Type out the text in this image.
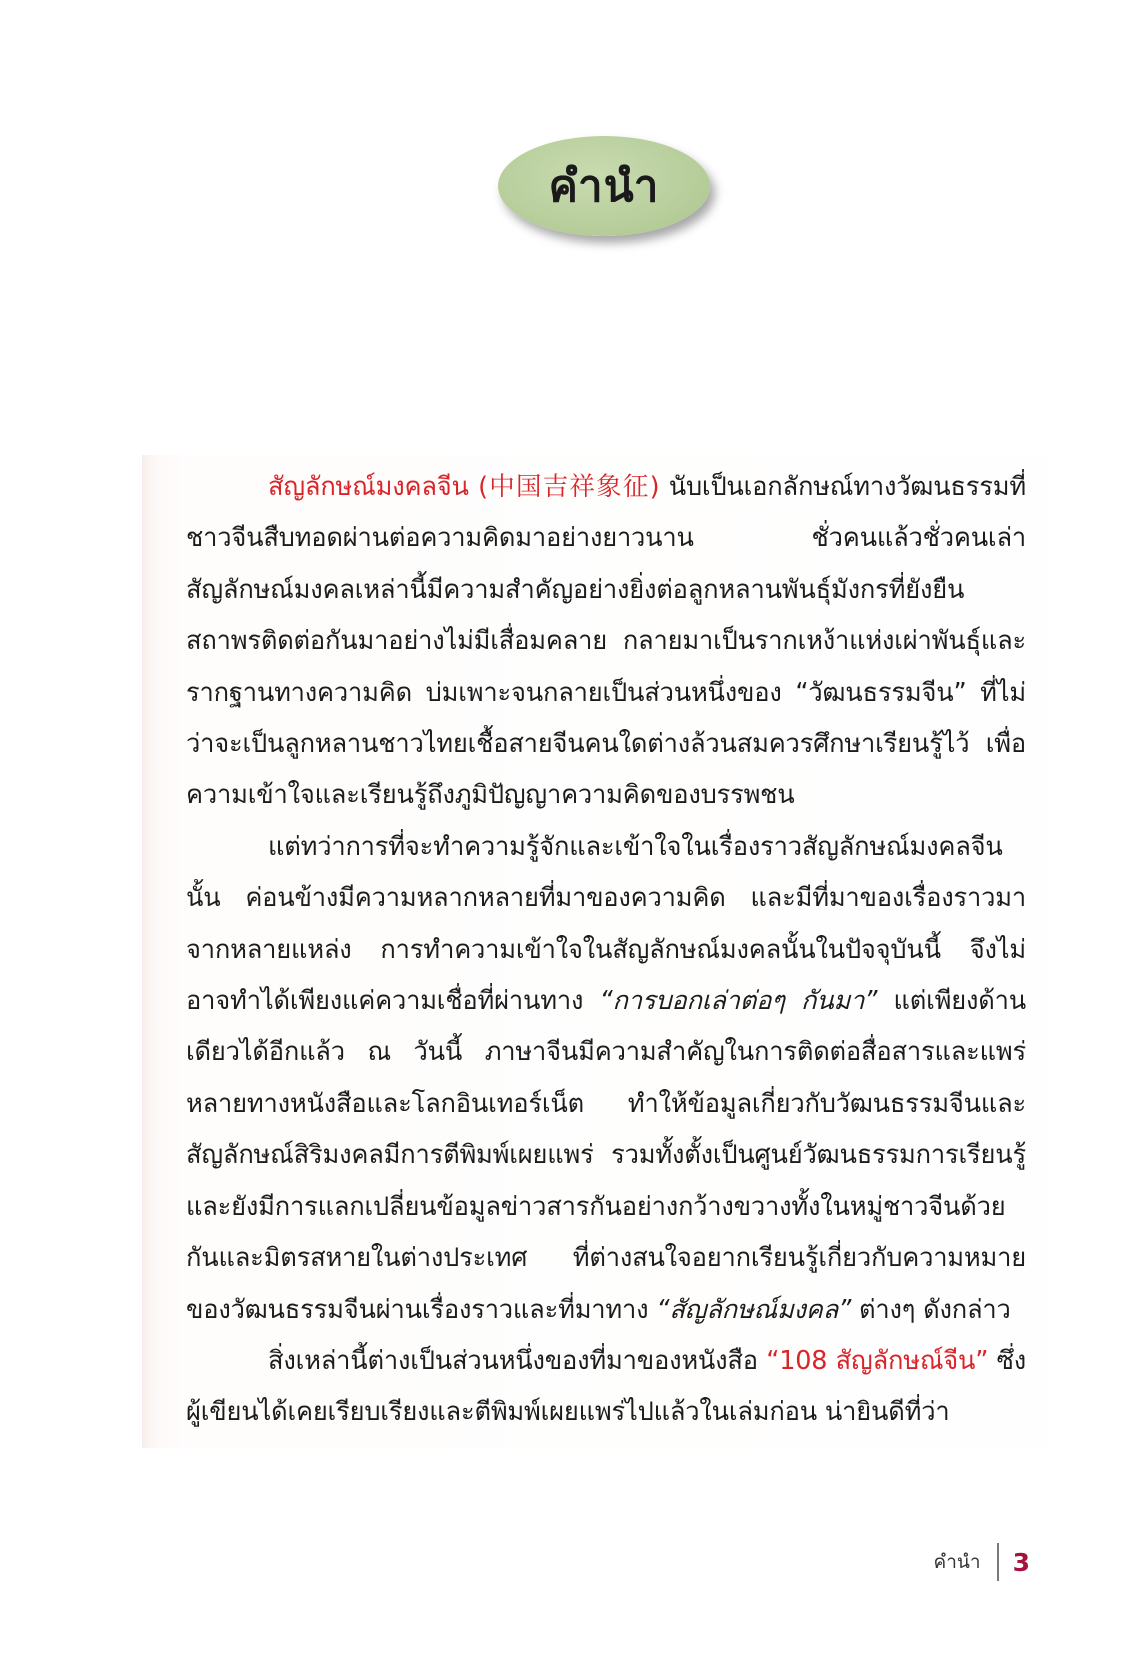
คำนำ

สัญลักษณ์มงคลจีน (中国吉祥象征) นับเป็นเอกลักษณ์ทางวัฒนธรรมที่ชาวจีนสืบทอดผ่านต่อความคิดมาอย่างยาวนาน ชั่วคนแล้วชั่วคนเล่า สัญลักษณ์มงคลเหล่านี้มีความสำคัญอย่างยิ่งต่อลูกหลานพันธุ์มังกรที่ยังยืนสถาพรติดต่อกันมาอย่างไม่มีเสื่อมคลาย กลายมาเป็นรากเหง้าแห่งเผ่าพันธุ์และรากฐานทางความคิด บ่มเพาะจนกลายเป็นส่วนหนึ่งของ “วัฒนธรรมจีน” ที่ไม่ว่าจะเป็นลูกหลานชาวไทยเชื้อสายจีนคนใดต่างล้วนสมควรศึกษาเรียนรู้ไว้ เพื่อความเข้าใจและเรียนรู้ถึงภูมิปัญญาความคิดของบรรพชน

แต่ทว่าการที่จะทำความรู้จักและเข้าใจในเรื่องราวสัญลักษณ์มงคลจีนนั้น ค่อนข้างมีความหลากหลายที่มาของความคิด และมีที่มาของเรื่องราวมาจากหลายแหล่ง การทำความเข้าใจในสัญลักษณ์มงคลนั้นในปัจจุบันนี้ จึงไม่อาจทำได้เพียงแค่ความเชื่อที่ผ่านทาง “การบอกเล่าต่อๆ กันมา” แต่เพียงด้านเดียวได้อีกแล้ว ณ วันนี้ ภาษาจีนมีความสำคัญในการติดต่อสื่อสารและแพร่หลายทางหนังสือและโลกอินเทอร์เน็ต ทำให้ข้อมูลเกี่ยวกับวัฒนธรรมจีนและสัญลักษณ์สิริมงคลมีการตีพิมพ์เผยแพร่ รวมทั้งตั้งเป็นศูนย์วัฒนธรรมการเรียนรู้ และยังมีการแลกเปลี่ยนข้อมูลข่าวสารกันอย่างกว้างขวางทั้งในหมู่ชาวจีนด้วยกันและมิตรสหายในต่างประเทศ ที่ต่างสนใจอยากเรียนรู้เกี่ยวกับความหมายของวัฒนธรรมจีนผ่านเรื่องราวและที่มาทาง “สัญลักษณ์มงคล” ต่างๆ ดังกล่าว

สิ่งเหล่านี้ต่างเป็นส่วนหนึ่งของที่มาของหนังสือ “108 สัญลักษณ์จีน” ซึ่งผู้เขียนได้เคยเรียบเรียงและตีพิมพ์เผยแพร่ไปแล้วในเล่มก่อน น่ายินดีที่ว่า

คำนำ 3
